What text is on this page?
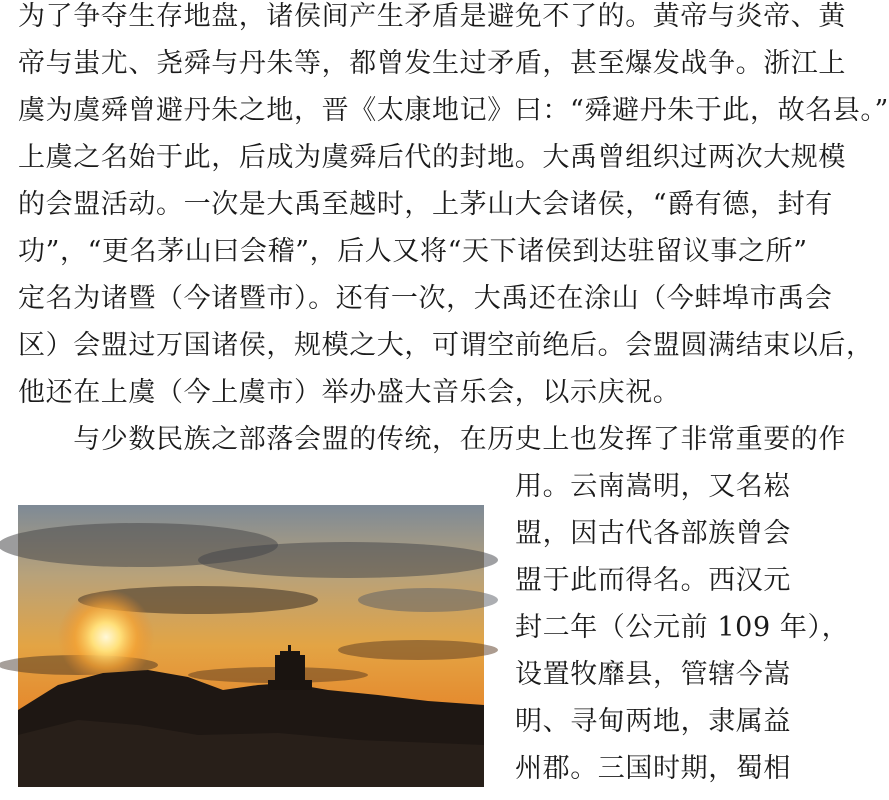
为了争夺生存地盘，诸侯间产生矛盾是避免不了的。黄帝与炎帝、黄
帝与蚩尤、尧舜与丹朱等，都曾发生过矛盾，甚至爆发战争。浙江上
虞为虞舜曾避丹朱之地，晋《太康地记》曰：“舜避丹朱于此，故名县。”
上虞之名始于此，后成为虞舜后代的封地。大禹曾组织过两次大规模
的会盟活动。一次是大禹至越时，上茅山大会诸侯，“爵有德，封有
功”，“更名茅山曰会稽”，后人又将“天下诸侯到达驻留议事之所”
定名为诸暨（今诸暨市）。还有一次，大禹还在涂山（今蚌埠市禹会
区）会盟过万国诸侯，规模之大，可谓空前绝后。会盟圆满结束以后，
他还在上虞（今上虞市）举办盛大音乐会，以示庆祝。
　　与少数民族之部落会盟的传统，在历史上也发挥了非常重要的作
用。云南嵩明，又名崧
盟，因古代各部族曾会
盟于此而得名。西汉元
封二年（公元前 109 年），
设置牧靡县，管辖今嵩
明、寻甸两地，隶属益
州郡。三国时期，蜀相
